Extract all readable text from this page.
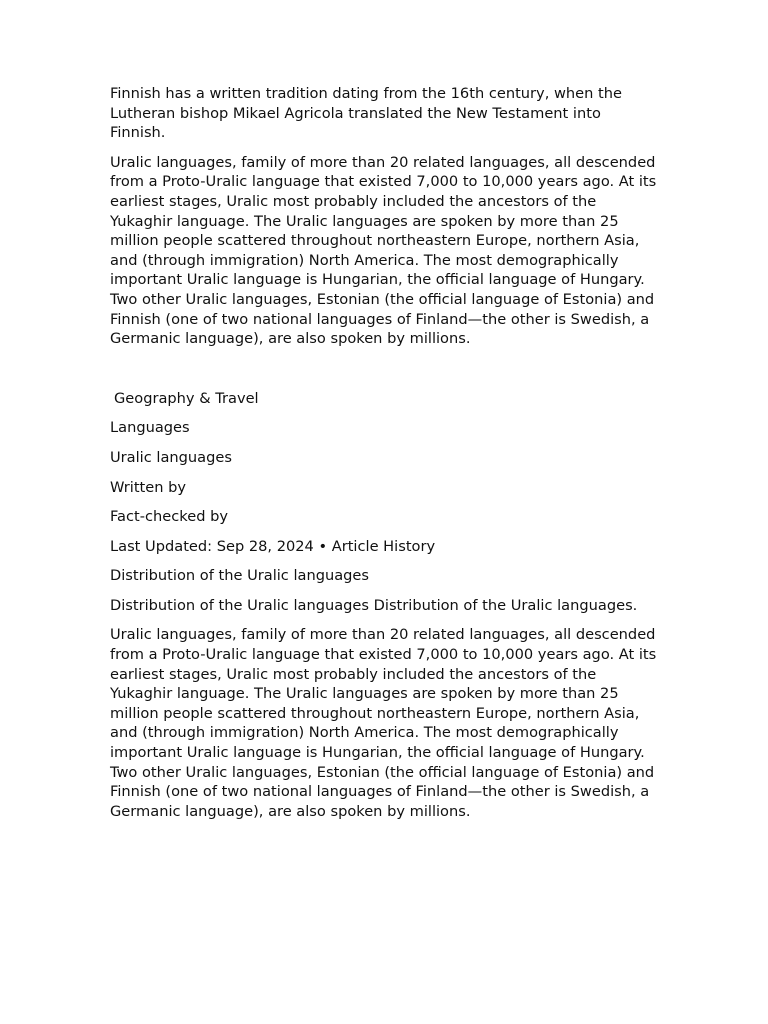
Finnish has a written tradition dating from the 16th century, when the Lutheran bishop Mikael Agricola translated the New Testament into Finnish.

Uralic languages, family of more than 20 related languages, all descended from a Proto-Uralic language that existed 7,000 to 10,000 years ago. At its earliest stages, Uralic most probably included the ancestors of the Yukaghir language. The Uralic languages are spoken by more than 25 million people scattered throughout northeastern Europe, northern Asia, and (through immigration) North America. The most demographically important Uralic language is Hungarian, the official language of Hungary. Two other Uralic languages, Estonian (the official language of Estonia) and Finnish (one of two national languages of Finland—the other is Swedish, a Germanic language), are also spoken by millions.

Geography & Travel

Languages

Uralic languages

Written by

Fact-checked by

Last Updated: Sep 28, 2024 • Article History

Distribution of the Uralic languages

Distribution of the Uralic languages Distribution of the Uralic languages.

Uralic languages, family of more than 20 related languages, all descended from a Proto-Uralic language that existed 7,000 to 10,000 years ago. At its earliest stages, Uralic most probably included the ancestors of the Yukaghir language. The Uralic languages are spoken by more than 25 million people scattered throughout northeastern Europe, northern Asia, and (through immigration) North America. The most demographically important Uralic language is Hungarian, the official language of Hungary. Two other Uralic languages, Estonian (the official language of Estonia) and Finnish (one of two national languages of Finland—the other is Swedish, a Germanic language), are also spoken by millions.
